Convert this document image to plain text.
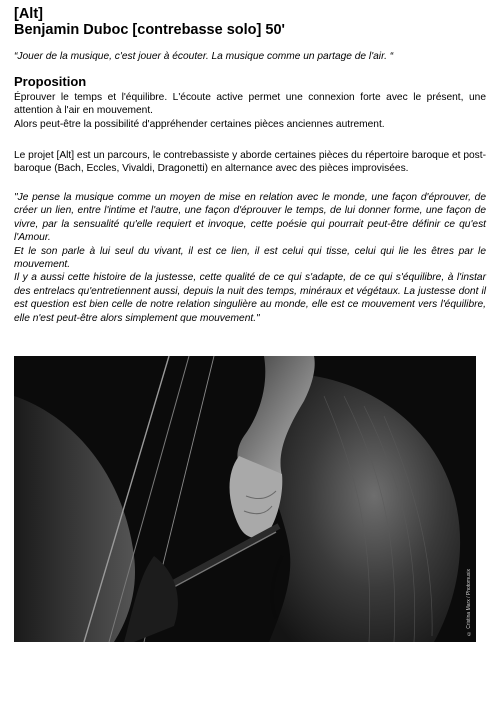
[Alt]
Benjamin Duboc [contrebasse solo] 50'

“Jouer de la musique, c'est jouer à écouter. La musique comme un partage de l'air. “

Proposition

Éprouver le temps et l'équilibre. L'écoute active permet une connexion forte avec le présent, une attention à l'air en mouvement.
Alors peut-être la possibilité d'appréhender certaines pièces anciennes autrement.

Le projet [Alt] est un parcours, le contrebassiste y aborde certaines pièces du répertoire baroque et post-baroque (Bach, Eccles, Vivaldi, Dragonetti) en alternance avec des pièces improvisées.

"Je pense la musique comme un moyen de mise en relation avec le monde, une façon d'éprouver, de créer un lien, entre l'intime et l'autre, une façon d'éprouver le temps, de lui donner forme, une façon de vivre, par la sensualité qu'elle requiert et invoque, cette poésie qui pourrait peut-être définir ce qu'est l'Amour.
Et le son parle à lui seul du vivant, il est ce lien, il est celui qui tisse, celui qui lie les êtres par le mouvement.
Il y a aussi cette histoire de la justesse, cette qualité de ce qui s'adapte, de ce qui s'équilibre, à l'instar des entrelacs qu'entretiennent aussi, depuis la nuit des temps, minéraux et végétaux. La justesse dont il est question est bien celle de notre relation singulière au monde, elle est ce mouvement vers l'équilibre, elle n'est peut-être alors simplement que mouvement."
© Cristina Marx / Photomusix
